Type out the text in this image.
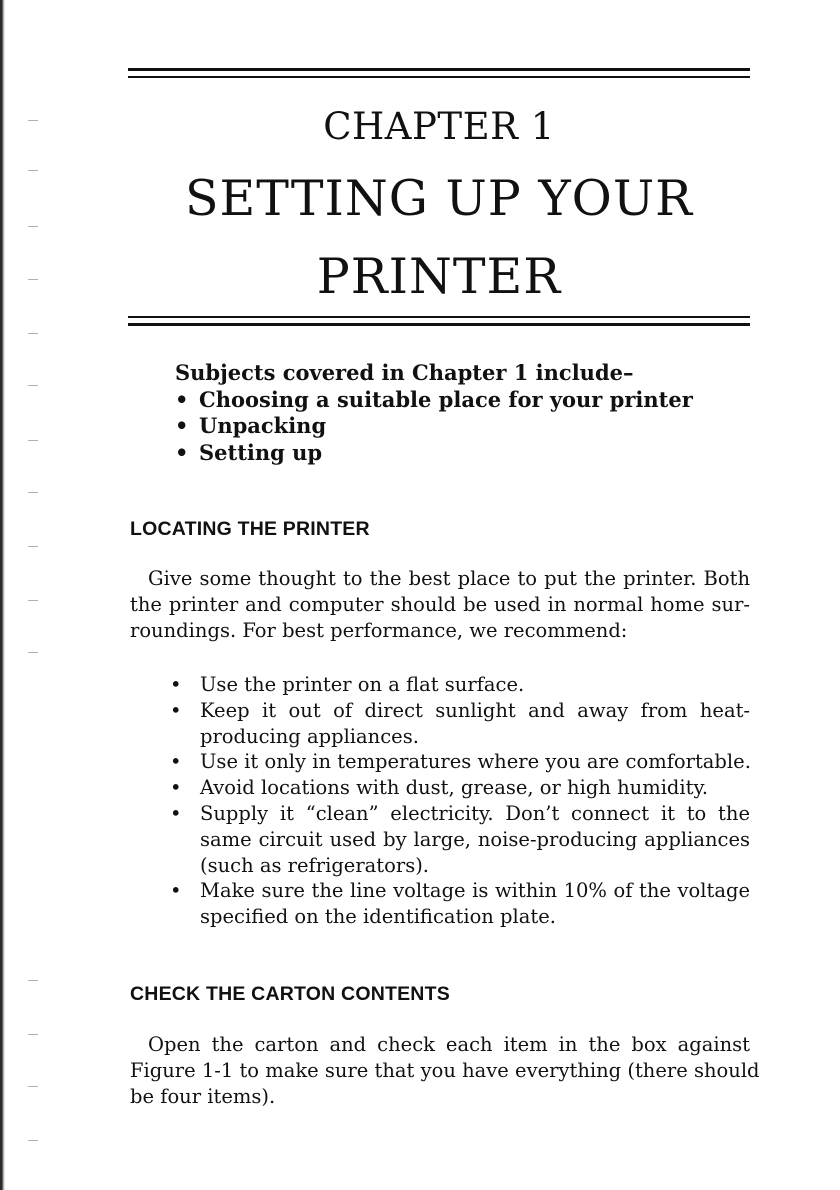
CHAPTER 1
SETTING UP YOUR
PRINTER
Subjects covered in Chapter 1 include–
• Choosing a suitable place for your printer
• Unpacking
• Setting up
LOCATING THE PRINTER
Give some thought to the best place to put the printer. Both
the printer and computer should be used in normal home sur-
roundings. For best performance, we recommend:
• Use the printer on a flat surface.
• Keep it out of direct sunlight and away from heat-
producing appliances.
• Use it only in temperatures where you are comfortable.
• Avoid locations with dust, grease, or high humidity.
• Supply it “clean” electricity. Don’t connect it to the
same circuit used by large, noise-producing appliances
(such as refrigerators).
• Make sure the line voltage is within 10% of the voltage
specified on the identification plate.
CHECK THE CARTON CONTENTS
Open the carton and check each item in the box against
Figure 1-1 to make sure that you have everything (there should
be four items).
